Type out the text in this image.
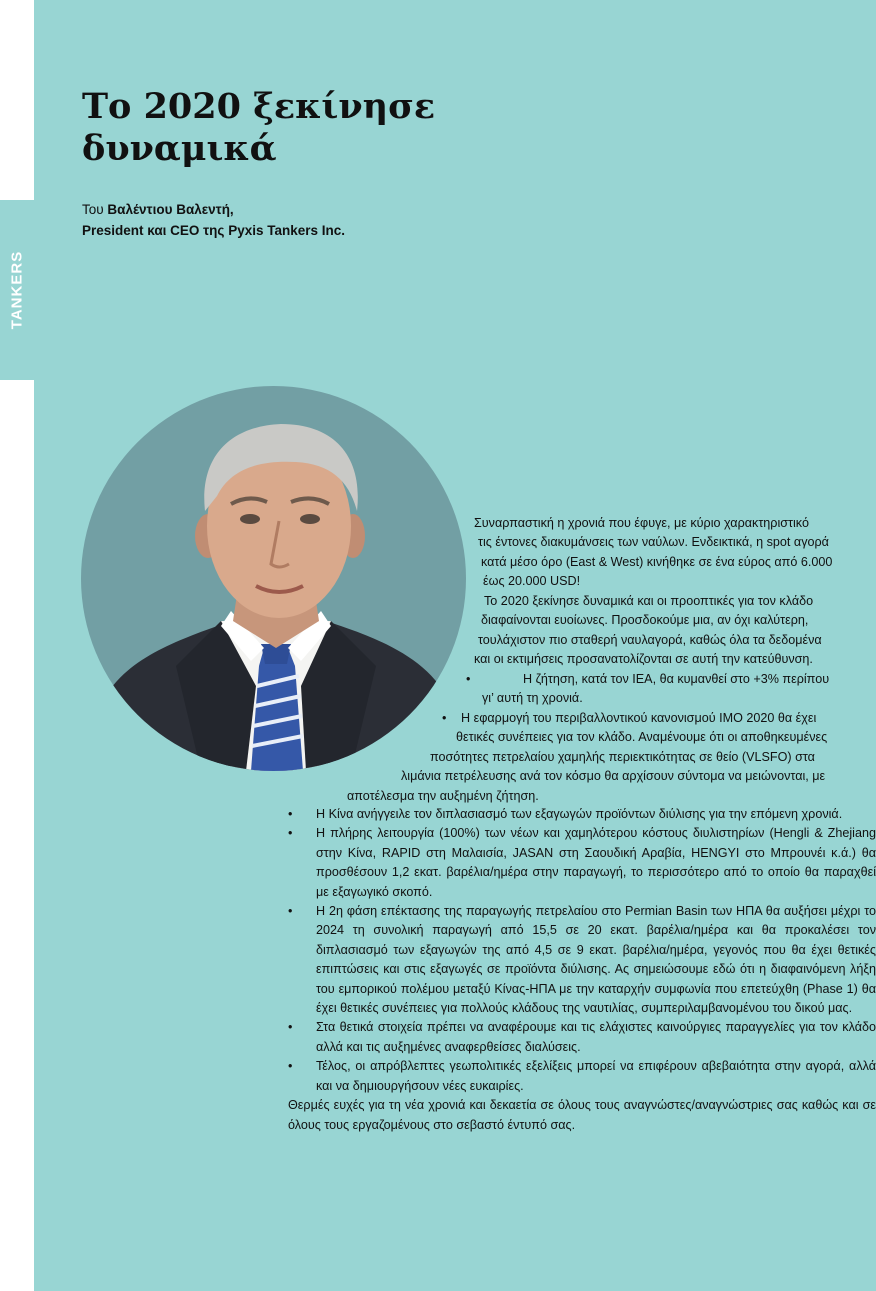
TANKERS
Το 2020 ξεκίνησε
δυναμικά
Του Βαλέντιου Βαλεντή,
President και CEO της Pyxis Tankers Inc.
Συναρπαστική η χρονιά που έφυγε, με κύριο χαρακτηριστικό
τις έντονες διακυμάνσεις των ναύλων. Ενδεικτικά, η spot αγορά
κατά μέσο όρο (East & West) κινήθηκε σε ένα εύρος από 6.000
έως 20.000 USD!
Το 2020 ξεκίνησε δυναμικά και οι προοπτικές για τον κλάδο
διαφαίνονται ευοίωνες. Προσδοκούμε μια, αν όχι καλύτερη,
τουλάχιστον πιο σταθερή ναυλαγορά, καθώς όλα τα δεδομένα
και οι εκτιμήσεις προσανατολίζονται σε αυτή την κατεύθυνση.
•	Η ζήτηση, κατά τον IEA, θα κυμανθεί στο +3% περίπου
γι’ αυτή τη χρονιά.
• Η εφαρμογή του περιβαλλοντικού κανονισμού IMO 2020 θα έχει
θετικές συνέπειες για τον κλάδο. Αναμένουμε ότι οι αποθηκευμένες
ποσότητες πετρελαίου χαμηλής περιεκτικότητας σε θείο (VLSFO) στα
λιμάνια πετρέλευσης ανά τον κόσμο θα αρχίσουν σύντομα να μειώνονται, με
αποτέλεσμα την αυξημένη ζήτηση.
• Η Κίνα ανήγγειλε τον διπλασιασμό των εξαγωγών προϊόντων διύλισης για την επόμενη χρονιά.
• Η πλήρης λειτουργία (100%) των νέων και χαμηλότερου κόστους διυλιστηρίων (Hengli & Zhejiang στην Κίνα, RAPID στη Μαλαισία, JASAN στη Σαουδική Αραβία, HENGYI στο Μπρουνέι κ.ά.) θα προσθέσουν 1,2 εκατ. βαρέλια/ημέρα στην παραγωγή, το περισσότερο από το οποίο θα παραχθεί με εξαγωγικό σκοπό.
• Η 2η φάση επέκτασης της παραγωγής πετρελαίου στο Permian Basin των ΗΠΑ θα αυξήσει μέχρι το 2024 τη συνολική παραγωγή από 15,5 σε 20 εκατ. βαρέλια/ημέρα και θα προκαλέσει τον διπλασιασμό των εξαγωγών της από 4,5 σε 9 εκατ. βαρέλια/ημέρα, γεγονός που θα έχει θετικές επιπτώσεις και στις εξαγωγές σε προϊόντα διύλισης. Ας σημειώσουμε εδώ ότι η διαφαινόμενη λήξη του εμπορικού πολέμου μεταξύ Κίνας-ΗΠΑ με την καταρχήν συμφωνία που επετεύχθη (Phase 1) θα έχει θετικές συνέπειες για πολλούς κλάδους της ναυτιλίας, συμπεριλαμβανομένου του δικού μας.
• Στα θετικά στοιχεία πρέπει να αναφέρουμε και τις ελάχιστες καινούργιες παραγγελίες για τον κλάδο αλλά και τις αυξημένες αναφερθείσες διαλύσεις.
• Τέλος, οι απρόβλεπτες γεωπολιτικές εξελίξεις μπορεί να επιφέρουν αβεβαιότητα στην αγορά, αλλά και να δημιουργήσουν νέες ευκαιρίες.
Θερμές ευχές για τη νέα χρονιά και δεκαετία σε όλους τους αναγνώστες/αναγνώστριες σας καθώς και σε όλους τους εργαζομένους στο σεβαστό έντυπό σας.
